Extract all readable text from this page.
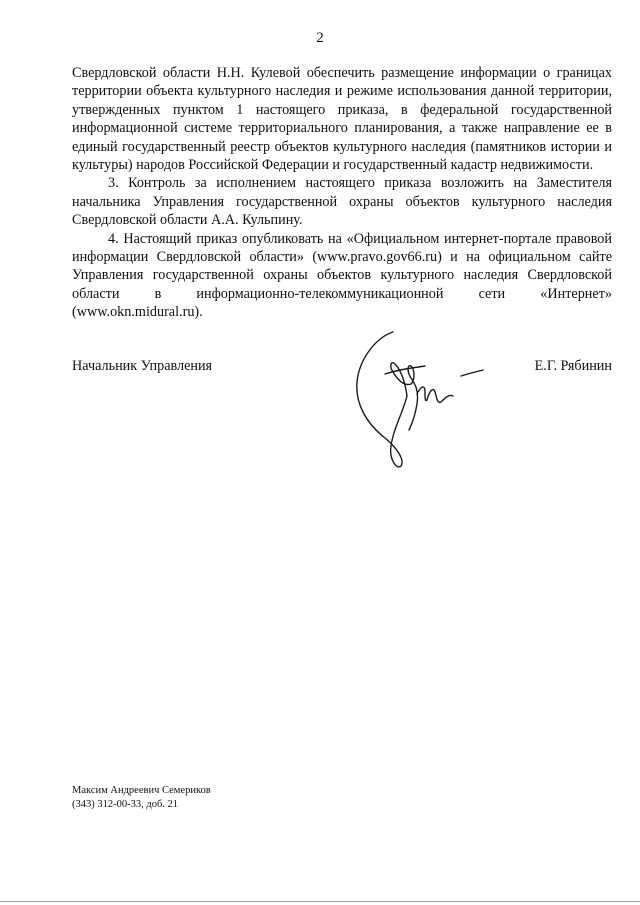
2

Свердловской области Н.Н. Кулевой обеспечить размещение информации о границах территории объекта культурного наследия и режиме использования данной территории, утвержденных пунктом 1 настоящего приказа, в федеральной государственной информационной системе территориального планирования, а также направление ее в единый государственный реестр объектов культурного наследия (памятников истории и культуры) народов Российской Федерации и государственный кадастр недвижимости.

3. Контроль за исполнением настоящего приказа возложить на Заместителя начальника Управления государственной охраны объектов культурного наследия Свердловской области А.А. Кульпину.

4. Настоящий приказ опубликовать на «Официальном интернет-портале правовой информации Свердловской области» (www.pravo.gov66.ru) и на официальном сайте Управления государственной охраны объектов культурного наследия Свердловской области в информационно-телекоммуникационной сети «Интернет» (www.okn.midural.ru).

Начальник Управления	Е.Г. Рябинин
Максим Андреевич Семериков
(343) 312-00-33, доб. 21
